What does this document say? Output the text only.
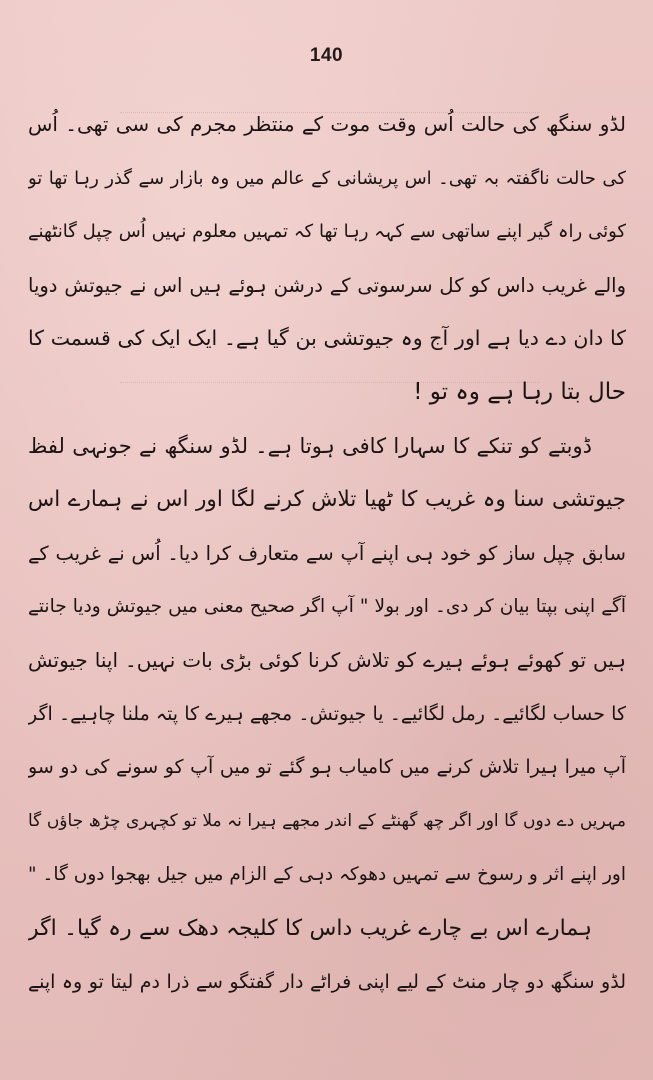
140
لڈو سنگھ کی حالت اُس وقت موت کے منتظر مجرم کی سی تھی۔ اُس
کی حالت ناگفتہ بہ تھی۔ اس پریشانی کے عالم میں وہ بازار سے گذر رہا تھا تو
کوئی راہ گیر اپنے ساتھی سے کہہ رہا تھا کہ تمہیں معلوم نہیں اُس چپل گانٹھنے
والے غریب داس کو کل سرسوتی کے درشن ہوئے ہیں اس نے جیوتش دویا
کا دان دے دیا ہے اور آج وہ جیوتشی بن گیا ہے۔ ایک ایک کی قسمت کا
حال بتا رہا ہے وہ تو !
ڈوبتے کو تنکے کا سہارا کافی ہوتا ہے۔ لڈو سنگھ نے جونہی لفظ
جیوتشی سنا وہ غریب کا ٹھیا تلاش کرنے لگا اور اس نے ہمارے اس
سابق چپل ساز کو خود ہی اپنے آپ سے متعارف کرا دیا۔ اُس نے غریب کے
آگے اپنی بپتا بیان کر دی۔ اور بولا " آپ اگر صحیح معنی میں جیوتش ودیا جانتے
ہیں تو کھوئے ہوئے ہیرے کو تلاش کرنا کوئی بڑی بات نہیں۔ اپنا جیوتش
کا حساب لگائیے۔ رمل لگائیے۔ یا جیوتش۔ مجھے ہیرے کا پتہ ملنا چاہیے۔ اگر
آپ میرا ہیرا تلاش کرنے میں کامیاب ہو گئے تو میں آپ کو سونے کی دو سو
مہریں دے دوں گا اور اگر چھ گھنٹے کے اندر مجھے ہیرا نہ ملا تو کچہری چڑھ جاؤں گا
اور اپنے اثر و رسوخ سے تمہیں دھوکہ دہی کے الزام میں جیل بھجوا دوں گا۔ "
ہمارے اس بے چارے غریب داس کا کلیجہ دھک سے رہ گیا۔ اگر
لڈو سنگھ دو چار منٹ کے لیے اپنی فراٹے دار گفتگو سے ذرا دم لیتا تو وہ اپنے
